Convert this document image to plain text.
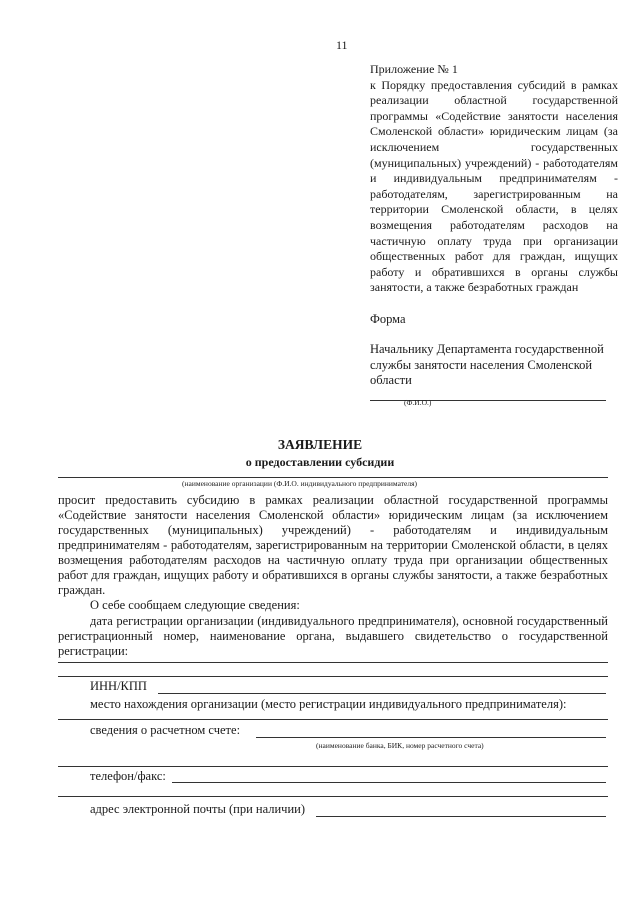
11
Приложение № 1
к Порядку предоставления субсидий в рамках реализации областной государственной программы «Содействие занятости населения Смоленской области» юридическим лицам (за исключением государственных (муниципальных) учреждений) - работодателям и индивидуальным предпринимателям - работодателям, зарегистрированным на территории Смоленской области, в целях возмещения работодателям расходов на частичную оплату труда при организации общественных работ для граждан, ищущих работу и обратившихся в органы службы занятости, а также безработных граждан
Форма
Начальнику Департамента государственной службы занятости населения Смоленской области
(Ф.И.О.)
ЗАЯВЛЕНИЕ
о предоставлении субсидии
(наименование организации (Ф.И.О. индивидуального предпринимателя)
просит предоставить субсидию в рамках реализации областной государственной программы «Содействие занятости населения Смоленской области» юридическим лицам (за исключением государственных (муниципальных) учреждений) - работодателям и индивидуальным предпринимателям - работодателям, зарегистрированным на территории Смоленской области, в целях возмещения работодателям расходов на частичную оплату труда при организации общественных работ для граждан, ищущих работу и обратившихся в органы службы занятости, а также безработных граждан.
О себе сообщаем следующие сведения:
дата регистрации организации (индивидуального предпринимателя), основной государственный регистрационный номер, наименование органа, выдавшего свидетельство о государственной регистрации:
ИНН/КПП
место нахождения организации (место регистрации индивидуального предпринимателя):
сведения о расчетном счете:
(наименование банка, БИК, номер расчетного счета)
телефон/факс:
адрес электронной почты (при наличии)
